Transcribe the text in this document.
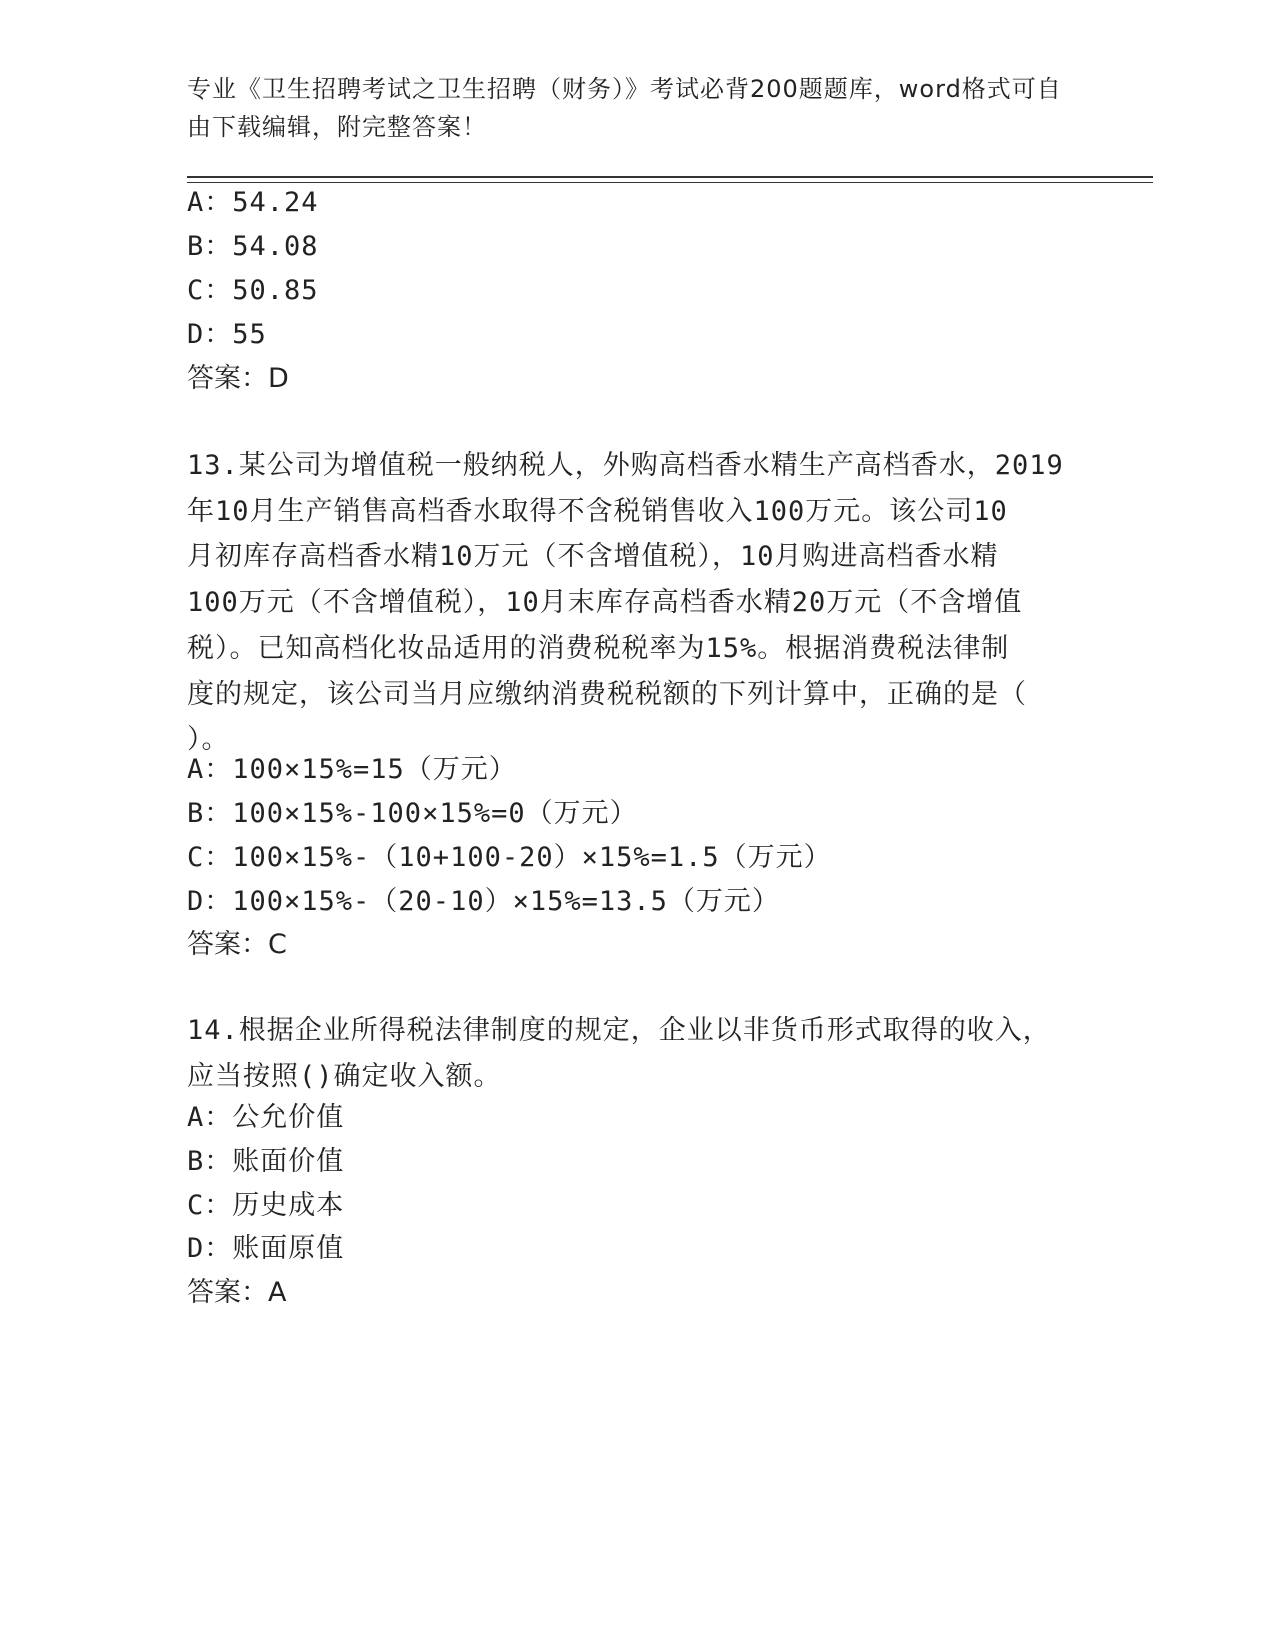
专业《卫生招聘考试之卫生招聘（财务）》考试必背200题题库，word格式可自
由下载编辑，附完整答案！
A：54.24
B：54.08
C：50.85
D：55
答案：D
13.某公司为增值税一般纳税人，外购高档香水精生产高档香水，2019
年10月生产销售高档香水取得不含税销售收入100万元。该公司10
月初库存高档香水精10万元（不含增值税），10月购进高档香水精
100万元（不含增值税），10月末库存高档香水精20万元（不含增值
税）。已知高档化妆品适用的消费税税率为15%。根据消费税法律制
度的规定，该公司当月应缴纳消费税税额的下列计算中，正确的是（
）。
A：100×15%=15（万元）
B：100×15%-100×15%=0（万元）
C：100×15%-（10+100-20）×15%=1.5（万元）
D：100×15%-（20-10）×15%=13.5（万元）
答案：C
14.根据企业所得税法律制度的规定，企业以非货币形式取得的收入，
应当按照()确定收入额。
A：公允价值
B：账面价值
C：历史成本
D：账面原值
答案：A
